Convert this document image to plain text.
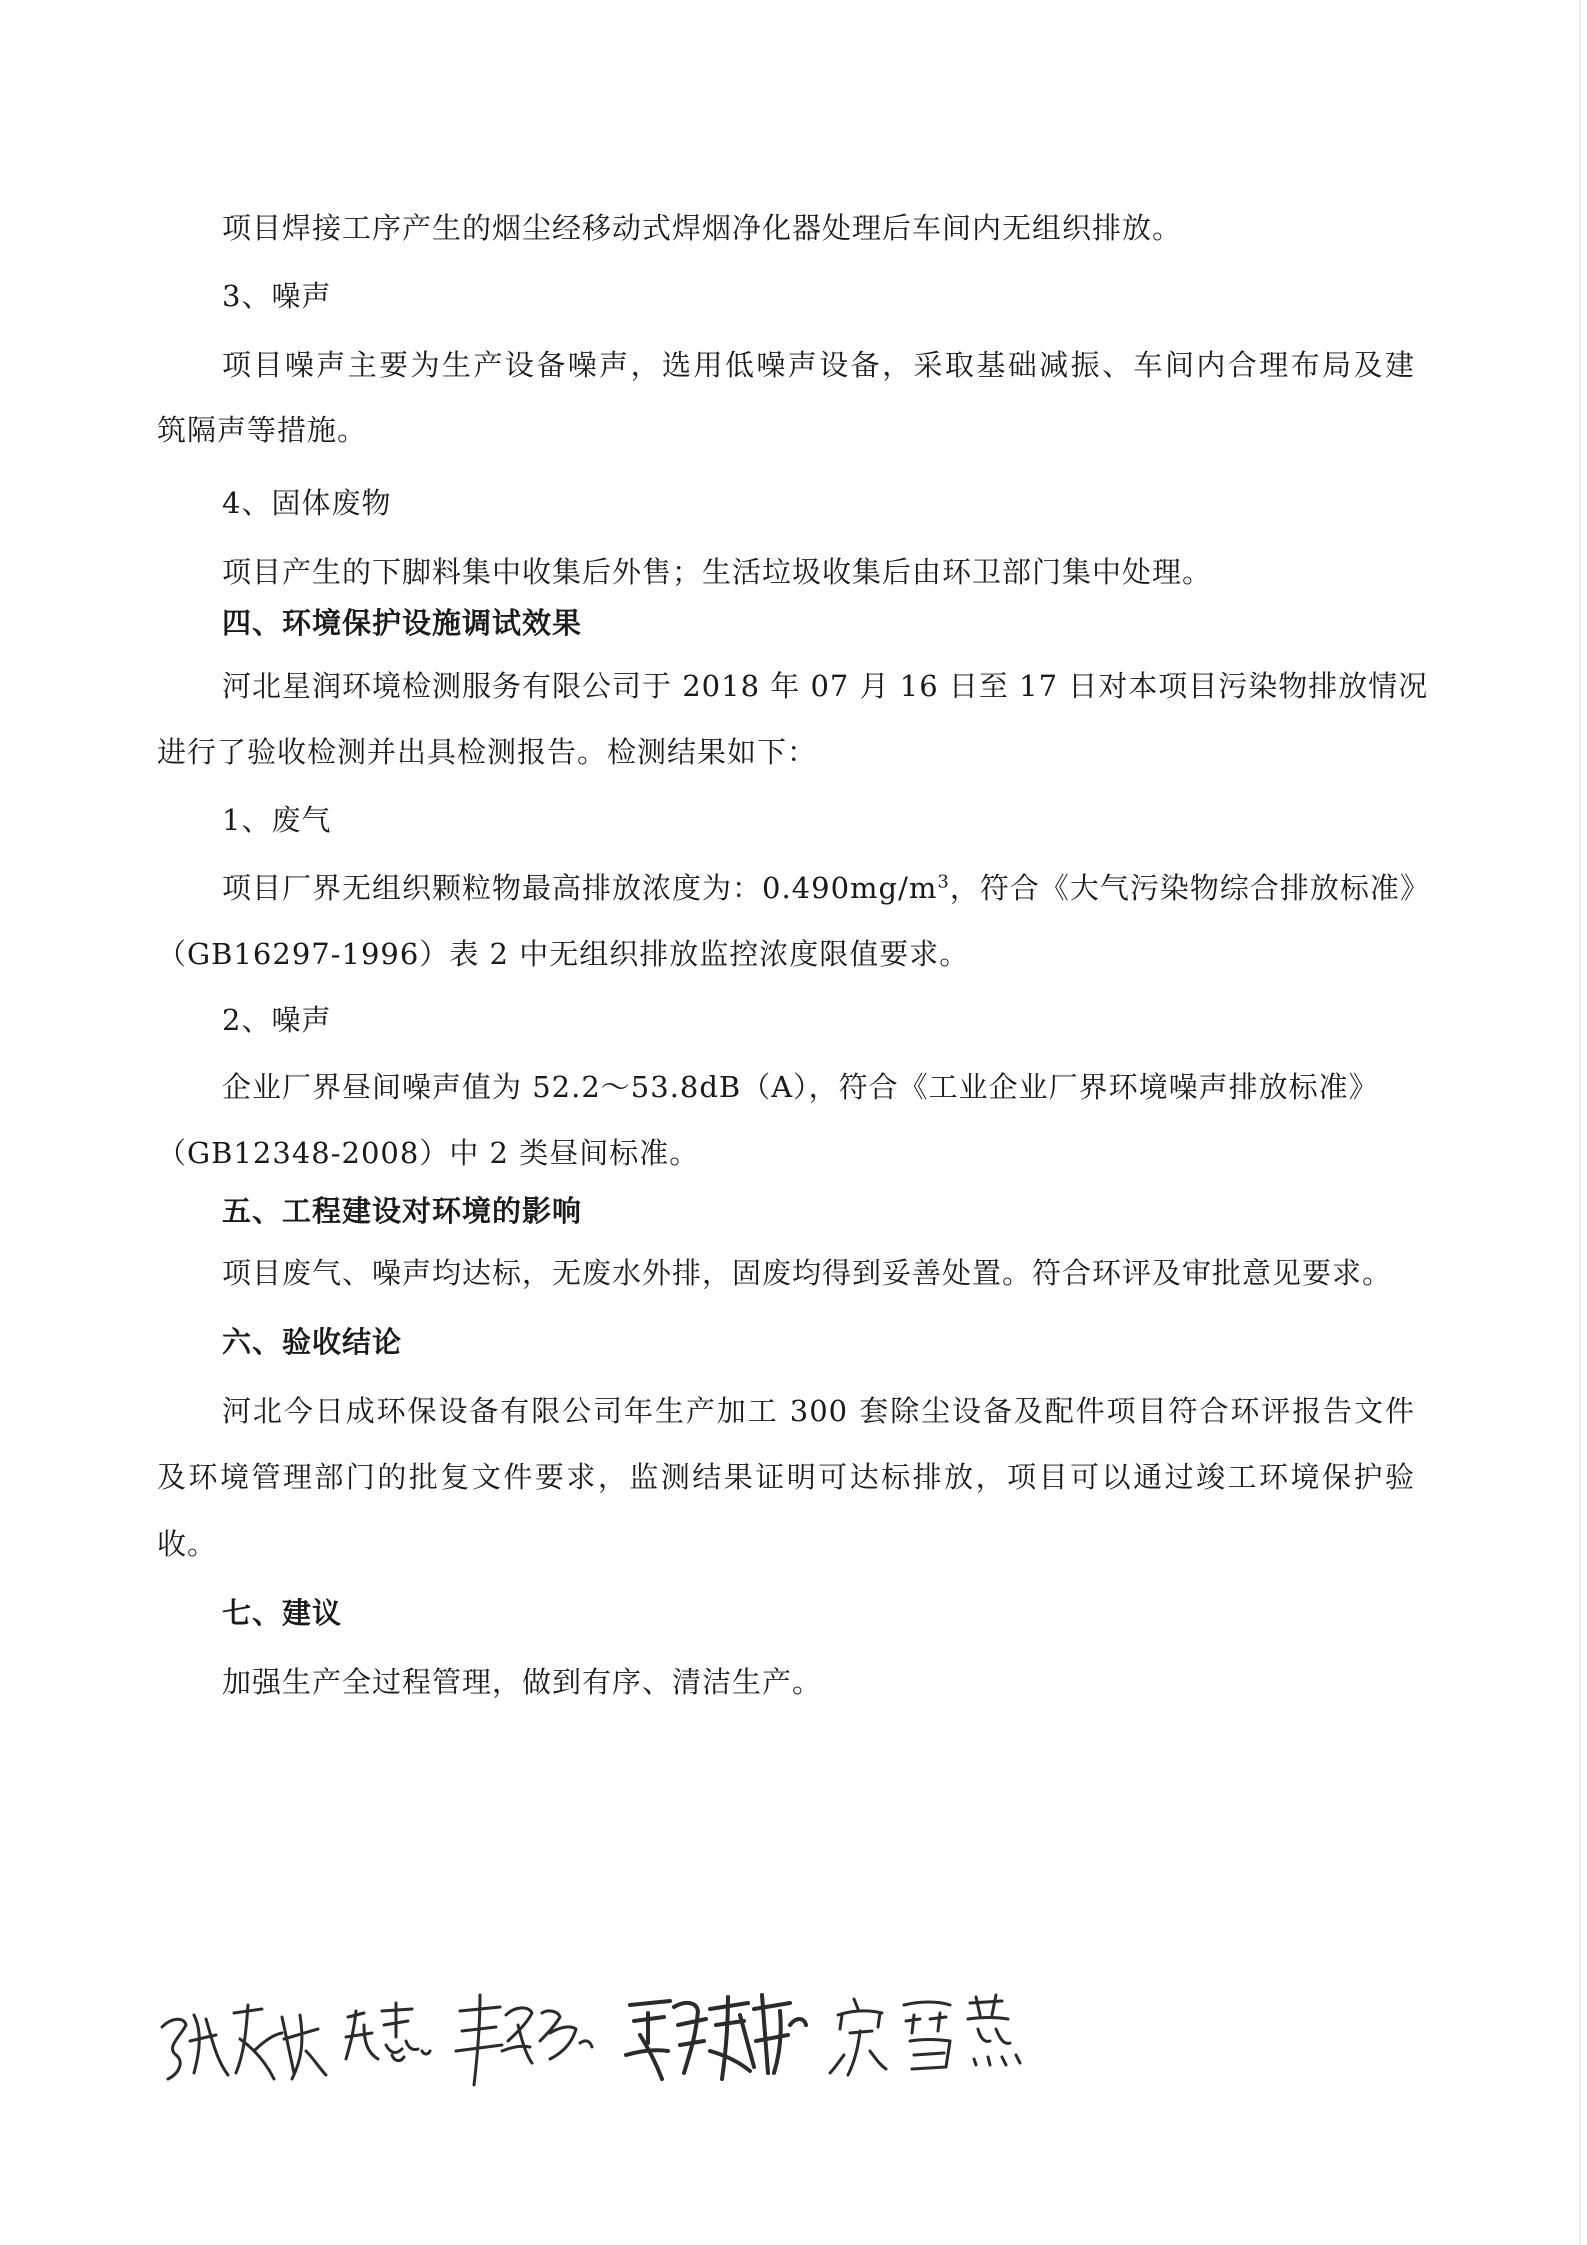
项目焊接工序产生的烟尘经移动式焊烟净化器处理后车间内无组织排放。
3、噪声
项目噪声主要为生产设备噪声，选用低噪声设备，采取基础减振、车间内合理布局及建
筑隔声等措施。
4、固体废物
项目产生的下脚料集中收集后外售；生活垃圾收集后由环卫部门集中处理。
四、环境保护设施调试效果
河北星润环境检测服务有限公司于 2018 年 07 月 16 日至 17 日对本项目污染物排放情况
进行了验收检测并出具检测报告。检测结果如下：
1、废气
项目厂界无组织颗粒物最高排放浓度为：$0.490mg/m^3$，符合《大气污染物综合排放标准》
（GB16297-1996）表 2 中无组织排放监控浓度限值要求。
2、噪声
企业厂界昼间噪声值为 52.2～53.8dB（A），符合《工业企业厂界环境噪声排放标准》
（GB12348-2008）中 2 类昼间标准。
五、工程建设对环境的影响
项目废气、噪声均达标，无废水外排，固废均得到妥善处置。符合环评及审批意见要求。
六、验收结论
河北今日成环保设备有限公司年生产加工 300 套除尘设备及配件项目符合环评报告文件
及环境管理部门的批复文件要求，监测结果证明可达标排放，项目可以通过竣工环境保护验
收。
七、建议
加强生产全过程管理，做到有序、清洁生产。
